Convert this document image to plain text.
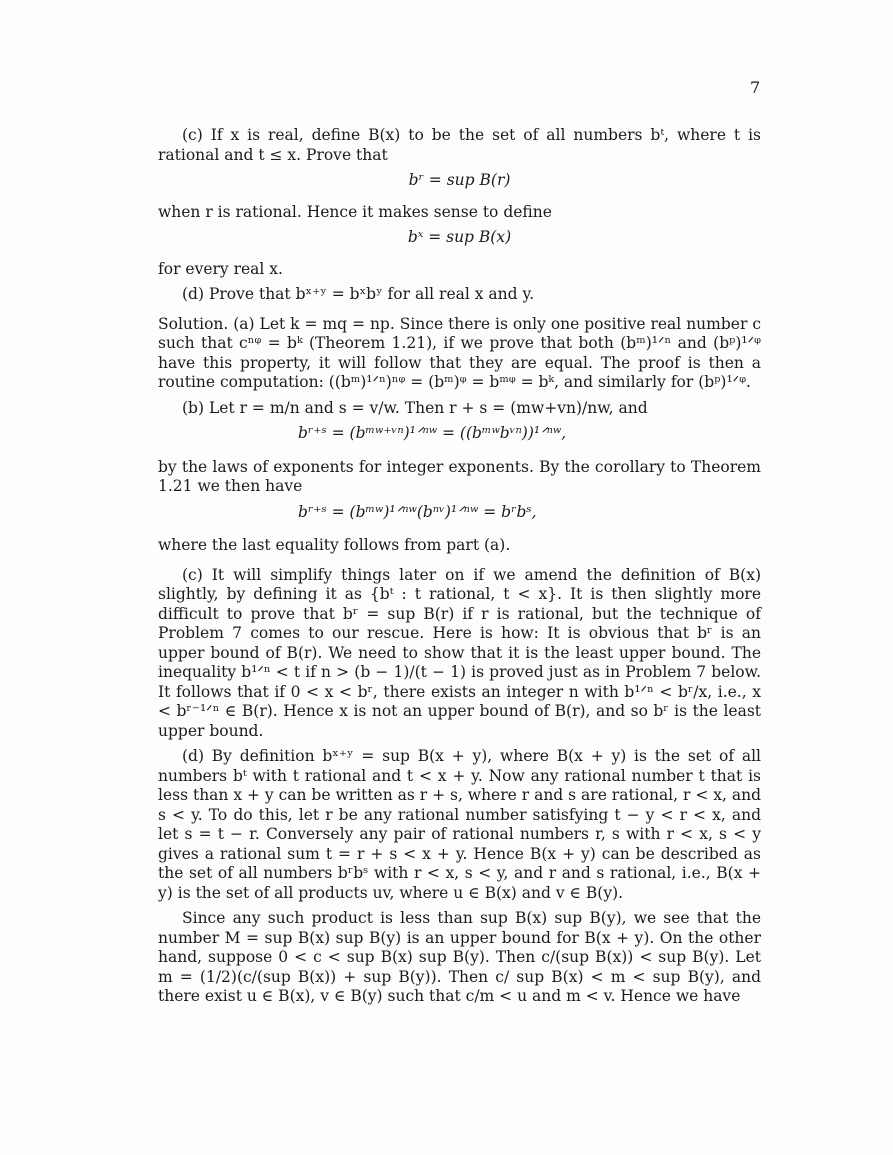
7

(c) If x is real, define B(x) to be the set of all numbers bᵗ, where t is rational and t ≤ x. Prove that

bʳ = sup B(r)

when r is rational. Hence it makes sense to define

bˣ = sup B(x)

for every real x.

(d) Prove that bˣ⁺ʸ = bˣbʸ for all real x and y.

Solution. (a) Let k = mq = np. Since there is only one positive real number c such that cⁿᵠ = bᵏ (Theorem 1.21), if we prove that both (bᵐ)¹ᐟⁿ and (bᵖ)¹ᐟᵠ have this property, it will follow that they are equal. The proof is then a routine computation: ((bᵐ)¹ᐟⁿ)ⁿᵠ = (bᵐ)ᵠ = bᵐᵠ = bᵏ, and similarly for (bᵖ)¹ᐟᵠ.

(b) Let r = m/n and s = v/w. Then r + s = (mw+vn)/nw, and

bʳ⁺ˢ = (bᵐʷ⁺ᵛⁿ)¹ᐟⁿʷ = ((bᵐʷbᵛⁿ))¹ᐟⁿʷ,

by the laws of exponents for integer exponents. By the corollary to Theorem 1.21 we then have

bʳ⁺ˢ = (bᵐʷ)¹ᐟⁿʷ(bⁿᵛ)¹ᐟⁿʷ = bʳbˢ,

where the last equality follows from part (a).

(c) It will simplify things later on if we amend the definition of B(x) slightly, by defining it as {bᵗ : t rational, t < x}. It is then slightly more difficult to prove that bʳ = sup B(r) if r is rational, but the technique of Problem 7 comes to our rescue. Here is how: It is obvious that bʳ is an upper bound of B(r). We need to show that it is the least upper bound. The inequality b¹ᐟⁿ < t if n > (b − 1)/(t − 1) is proved just as in Problem 7 below. It follows that if 0 < x < bʳ, there exists an integer n with b¹ᐟⁿ < bʳ/x, i.e., x < bʳ⁻¹ᐟⁿ ∈ B(r). Hence x is not an upper bound of B(r), and so bʳ is the least upper bound.

(d) By definition bˣ⁺ʸ = sup B(x + y), where B(x + y) is the set of all numbers bᵗ with t rational and t < x + y. Now any rational number t that is less than x + y can be written as r + s, where r and s are rational, r < x, and s < y. To do this, let r be any rational number satisfying t − y < r < x, and let s = t − r. Conversely any pair of rational numbers r, s with r < x, s < y gives a rational sum t = r + s < x + y. Hence B(x + y) can be described as the set of all numbers bʳbˢ with r < x, s < y, and r and s rational, i.e., B(x + y) is the set of all products uv, where u ∈ B(x) and v ∈ B(y).

Since any such product is less than sup B(x) sup B(y), we see that the number M = sup B(x) sup B(y) is an upper bound for B(x + y). On the other hand, suppose 0 < c < sup B(x) sup B(y). Then c/(sup B(x)) < sup B(y). Let m = (1/2)(c/(sup B(x)) + sup B(y)). Then c/ sup B(x) < m < sup B(y), and there exist u ∈ B(x), v ∈ B(y) such that c/m < u and m < v. Hence we have
